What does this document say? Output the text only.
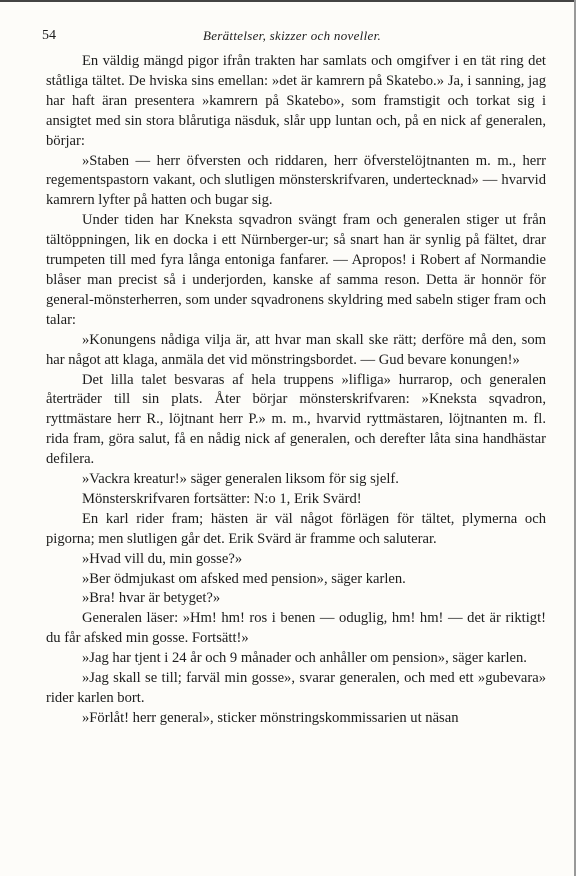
54	Berättelser, skizzer och noveller.

En väldig mängd pigor ifrån trakten har samlats och omgifver i en tät ring det ståtliga tältet. De hviska sins emellan: »det är kamrern på Skatebo.» Ja, i sanning, jag har haft äran presentera »kamrern på Skatebo», som framstigit och torkat sig i ansigtet med sin stora blårutiga näsduk, slår upp luntan och, på en nick af generalen, börjar:

»Staben — herr öfversten och riddaren, herr öfverstelöjtnanten m. m., herr regementspastorn vakant, och slutligen mönsterskrifvaren, undertecknad» — hvarvid kamrern lyfter på hatten och bugar sig.

Under tiden har Kneksta sqvadron svängt fram och generalen stiger ut från tältöppningen, lik en docka i ett Nürnberger-ur; så snart han är synlig på fältet, drar trumpeten till med fyra långa entoniga fanfarer. — Apropos! i Robert af Normandie blåser man precist så i underjorden, kanske af samma reson. Detta är honnör för general-mönsterherren, som under sqvadronens skyldring med sabeln stiger fram och talar:

»Konungens nådiga vilja är, att hvar man skall ske rätt; derföre må den, som har något att klaga, anmäla det vid mönstringsbordet. — Gud bevare konungen!»

Det lilla talet besvaras af hela truppens »lifliga» hurrarop, och generalen återträder till sin plats. Åter börjar mönsterskrifvaren: »Kneksta sqvadron, ryttmästare herr R., löjtnant herr P.» m. m., hvarvid ryttmästaren, löjtnanten m. fl. rida fram, göra salut, få en nådig nick af generalen, och derefter låta sina handhästar defilera.

»Vackra kreatur!» säger generalen liksom för sig sjelf.

Mönsterskrifvaren fortsätter: N:o 1, Erik Svärd!

En karl rider fram; hästen är väl något förlägen för tältet, plymerna och pigorna; men slutligen går det. Erik Svärd är framme och saluterar.

»Hvad vill du, min gosse?»

»Ber ödmjukast om afsked med pension», säger karlen.

»Bra! hvar är betyget?»

Generalen läser: »Hm! hm! ros i benen — oduglig, hm! hm! — det är riktigt! du får afsked min gosse. Fortsätt!»

»Jag har tjent i 24 år och 9 månader och anhåller om pension», säger karlen.

»Jag skall se till; farväl min gosse», svarar generalen, och med ett »gubevara» rider karlen bort.

»Förlåt! herr general», sticker mönstringskommissarien ut näsan
